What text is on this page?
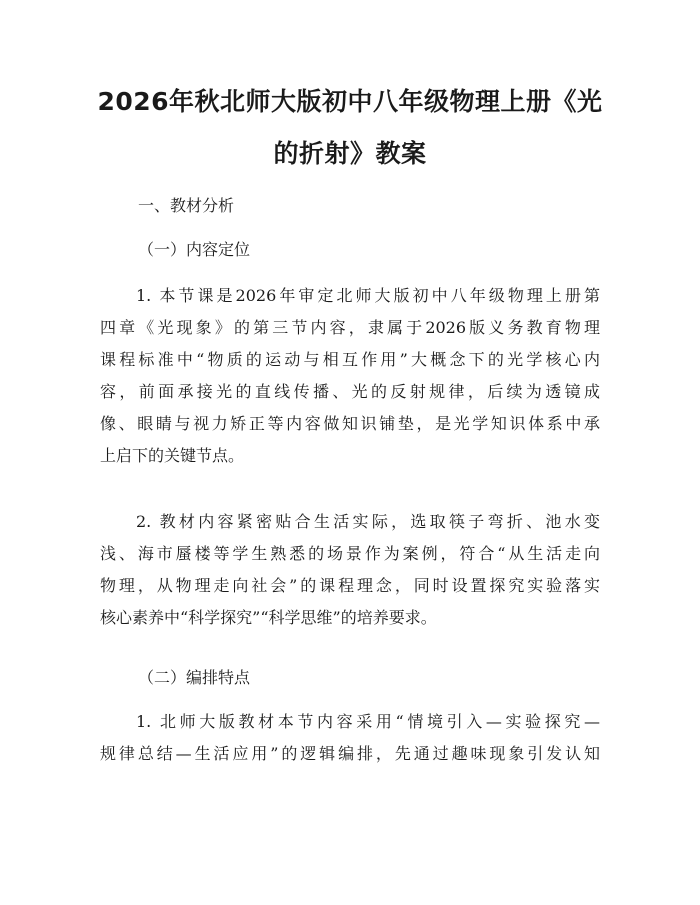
2026年秋北师大版初中八年级物理上册《光
的折射》教案

一、教材分析

（一）内容定位

1. 本节课是2026年审定北师大版初中八年级物理上册第
四章《光现象》的第三节内容，隶属于2026版义务教育物理
课程标准中“物质的运动与相互作用”大概念下的光学核心内
容，前面承接光的直线传播、光的反射规律，后续为透镜成
像、眼睛与视力矫正等内容做知识铺垫，是光学知识体系中承
上启下的关键节点。
2. 教材内容紧密贴合生活实际，选取筷子弯折、池水变
浅、海市蜃楼等学生熟悉的场景作为案例，符合“从生活走向
物理，从物理走向社会”的课程理念，同时设置探究实验落实
核心素养中“科学探究”“科学思维”的培养要求。

（二）编排特点

1. 北师大版教材本节内容采用“情境引入—实验探究—
规律总结—生活应用”的逻辑编排，先通过趣味现象引发认知
